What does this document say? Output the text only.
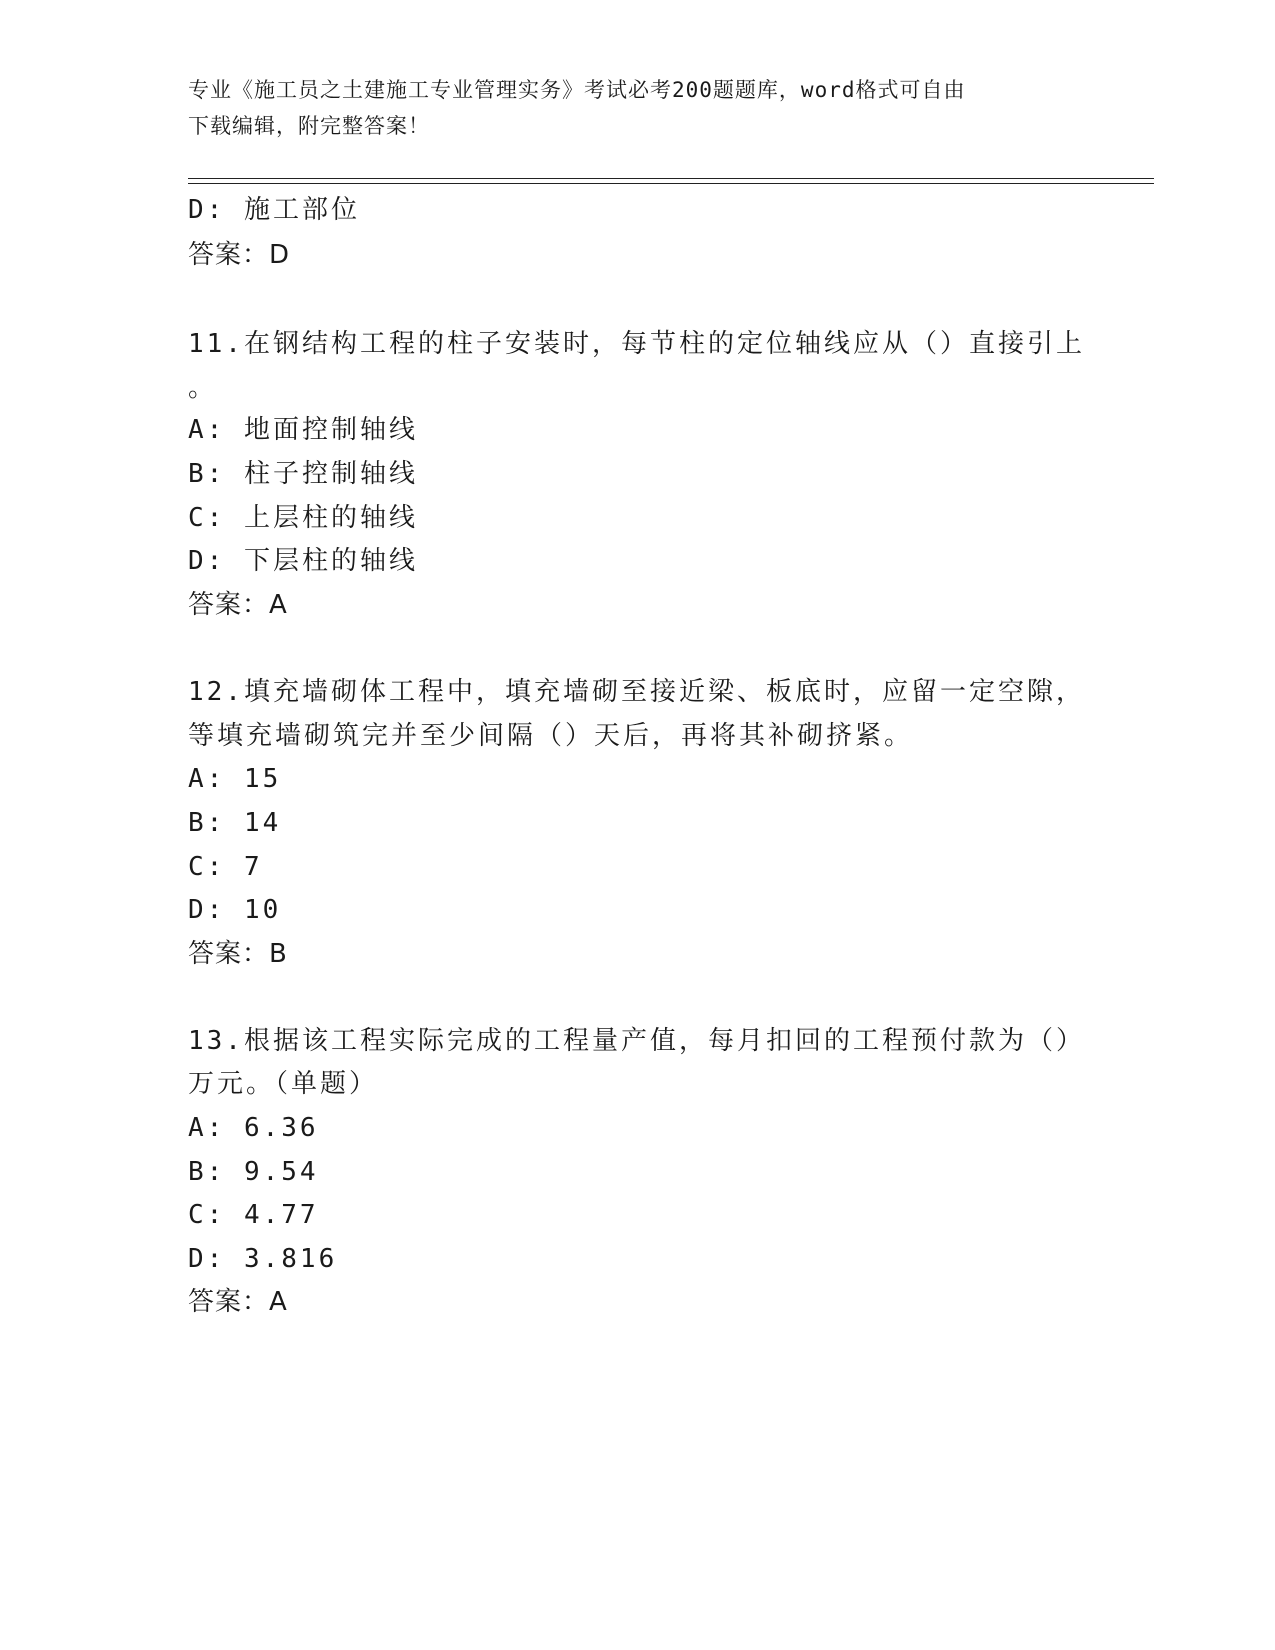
专业《施工员之土建施工专业管理实务》考试必考200题题库，word格式可自由
下载编辑，附完整答案！
D: 施工部位
答案：D
11.在钢结构工程的柱子安装时，每节柱的定位轴线应从（）直接引上
。
A: 地面控制轴线
B: 柱子控制轴线
C: 上层柱的轴线
D: 下层柱的轴线
答案：A
12.填充墙砌体工程中，填充墙砌至接近梁、板底时，应留一定空隙，
等填充墙砌筑完并至少间隔（）天后，再将其补砌挤紧。
A: 15
B: 14
C: 7
D: 10
答案：B
13.根据该工程实际完成的工程量产值，每月扣回的工程预付款为（）
万元。（单题）
A: 6.36
B: 9.54
C: 4.77
D: 3.816
答案：A
